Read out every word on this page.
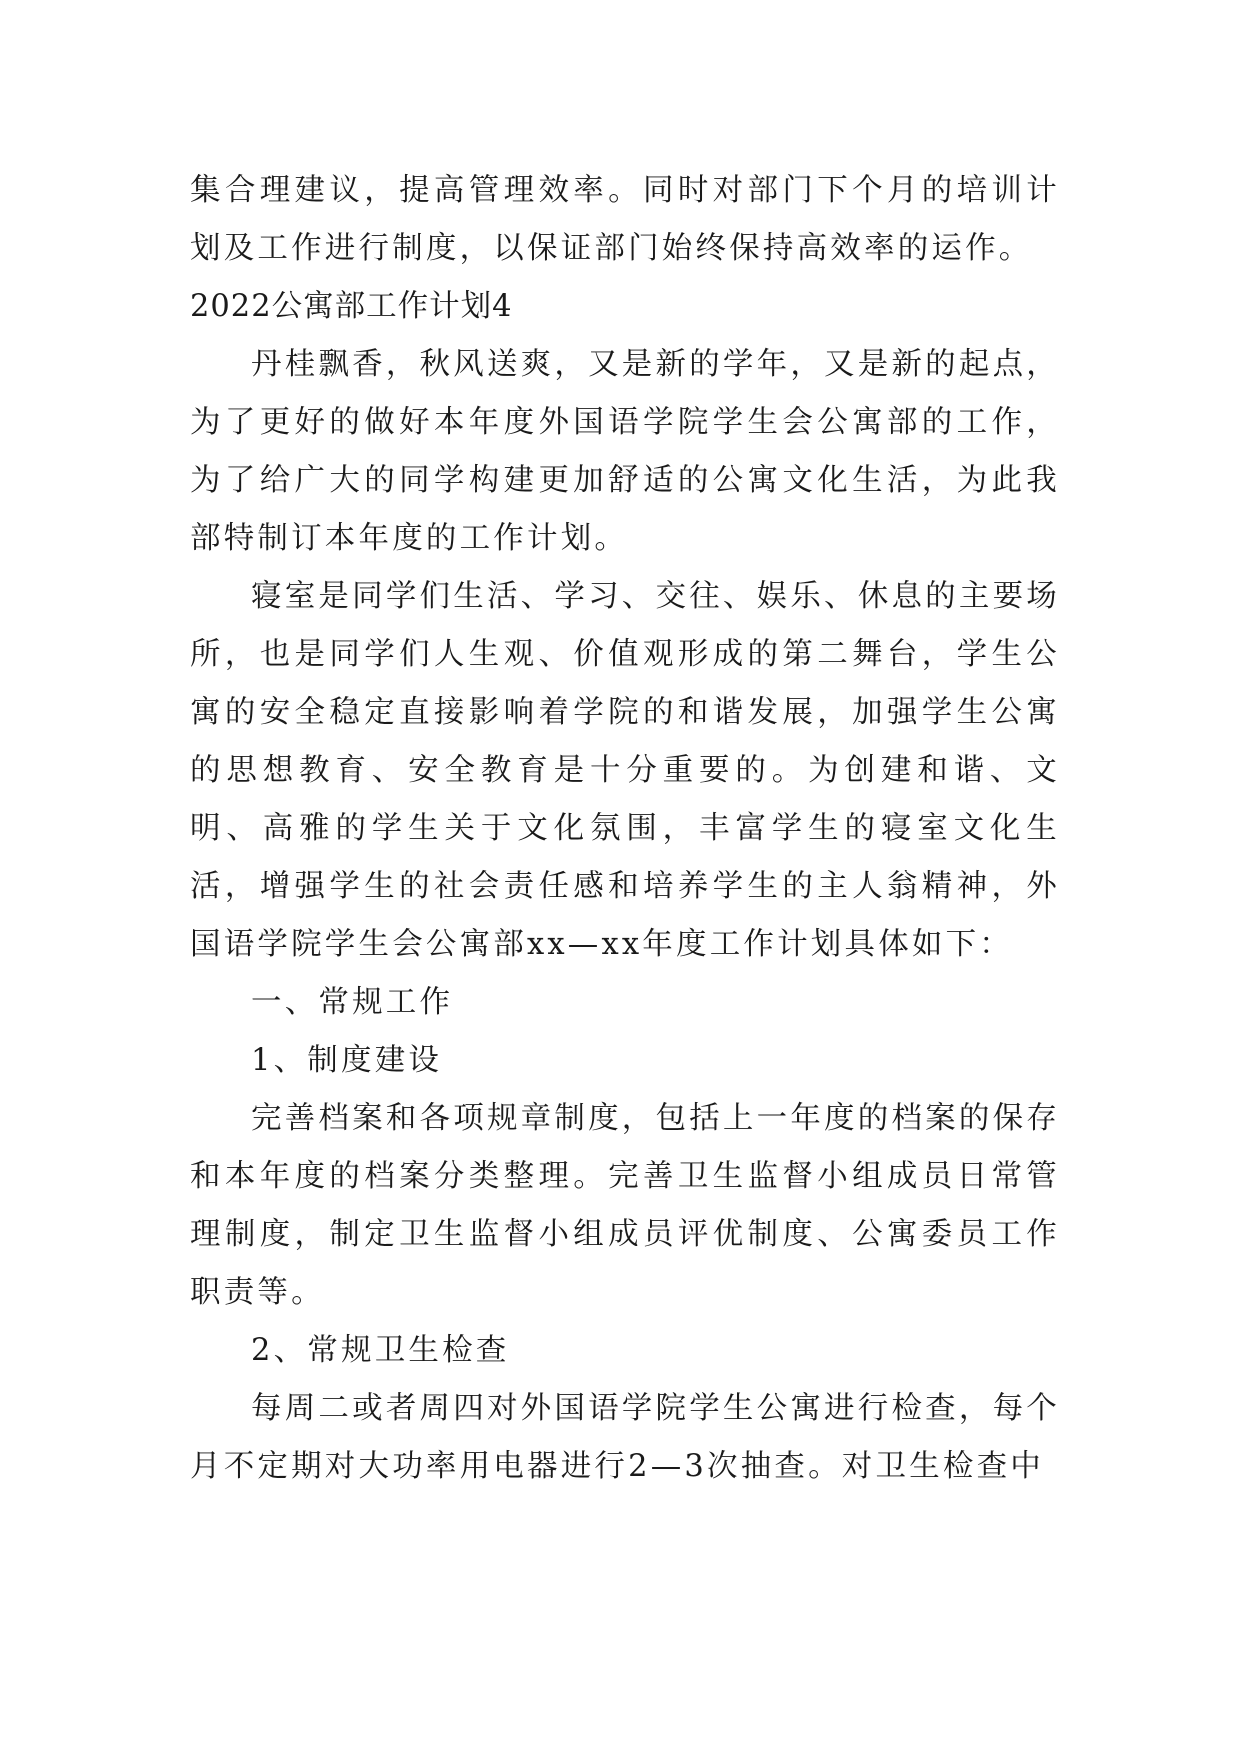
集合理建议，提高管理效率。同时对部门下个月的培训计划及工作进行制度，以保证部门始终保持高效率的运作。

2022公寓部工作计划4

丹桂飘香，秋风送爽，又是新的学年，又是新的起点，为了更好的做好本年度外国语学院学生会公寓部的工作，为了给广大的同学构建更加舒适的公寓文化生活，为此我部特制订本年度的工作计划。

寝室是同学们生活、学习、交往、娱乐、休息的主要场所，也是同学们人生观、价值观形成的第二舞台，学生公寓的安全稳定直接影响着学院的和谐发展，加强学生公寓的思想教育、安全教育是十分重要的。为创建和谐、文明、高雅的学生关于文化氛围，丰富学生的寝室文化生活，增强学生的社会责任感和培养学生的主人翁精神，外国语学院学生会公寓部xx—xx年度工作计划具体如下：

一、常规工作

1、制度建设

完善档案和各项规章制度，包括上一年度的档案的保存和本年度的档案分类整理。完善卫生监督小组成员日常管理制度，制定卫生监督小组成员评优制度、公寓委员工作职责等。

2、常规卫生检查

每周二或者周四对外国语学院学生公寓进行检查，每个月不定期对大功率用电器进行2—3次抽查。对卫生检查中
